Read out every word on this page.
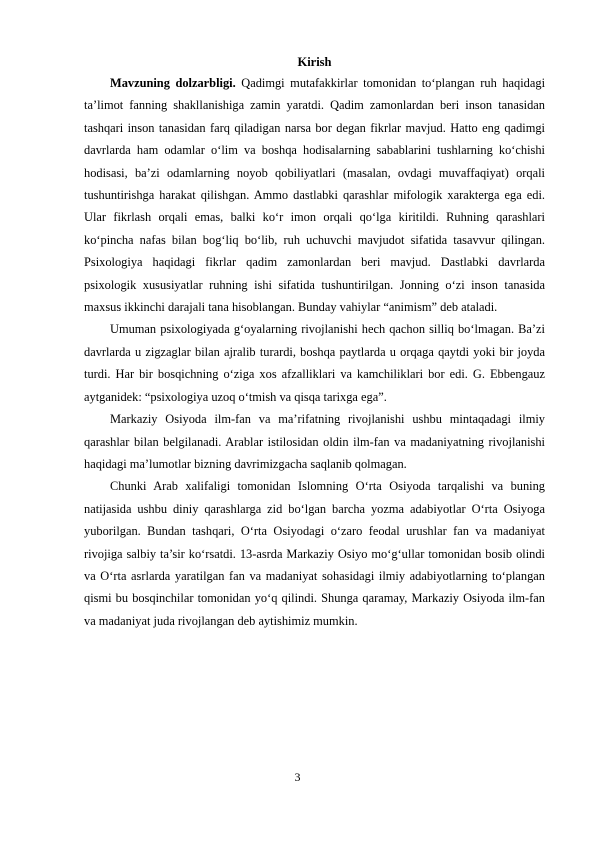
Kirish

Mavzuning dolzarbligi. Qadimgi mutafakkirlar tomonidan to‘plangan ruh haqidagi ta’limot fanning shakllanishiga zamin yaratdi. Qadim zamonlardan beri inson tanasidan tashqari inson tanasidan farq qiladigan narsa bor degan fikrlar mavjud. Hatto eng qadimgi davrlarda ham odamlar o‘lim va boshqa hodisalarning sabablarini tushlarning ko‘chishi hodisasi, ba’zi odamlarning noyob qobiliyatlari (masalan, ovdagi muvaffaqiyat) orqali tushuntirishga harakat qilishgan. Ammo dastlabki qarashlar mifologik xarakterga ega edi. Ular fikrlash orqali emas, balki ko‘r imon orqali qo‘lga kiritildi. Ruhning qarashlari ko‘pincha nafas bilan bog‘liq bo‘lib, ruh uchuvchi mavjudot sifatida tasavvur qilingan. Psixologiya haqidagi fikrlar qadim zamonlardan beri mavjud. Dastlabki davrlarda psixologik xususiyatlar ruhning ishi sifatida tushuntirilgan. Jonning o‘zi inson tanasida maxsus ikkinchi darajali tana hisoblangan. Bunday vahiylar “animism” deb ataladi.

Umuman psixologiyada g‘oyalarning rivojlanishi hech qachon silliq bo‘lmagan. Ba’zi davrlarda u zigzaglar bilan ajralib turardi, boshqa paytlarda u orqaga qaytdi yoki bir joyda turdi. Har bir bosqichning o‘ziga xos afzalliklari va kamchiliklari bor edi. G. Ebbengauz aytganidek: “psixologiya uzoq o‘tmish va qisqa tarixga ega”.

Markaziy Osiyoda ilm-fan va ma’rifatning rivojlanishi ushbu mintaqadagi ilmiy qarashlar bilan belgilanadi. Arablar istilosidan oldin ilm-fan va madaniyatning rivojlanishi haqidagi ma’lumotlar bizning davrimizgacha saqlanib qolmagan.

Chunki Arab xalifaligi tomonidan Islomning O‘rta Osiyoda tarqalishi va buning natijasida ushbu diniy qarashlarga zid bo‘lgan barcha yozma adabiyotlar O‘rta Osiyoga yuborilgan. Bundan tashqari, O‘rta Osiyodagi o‘zaro feodal urushlar fan va madaniyat rivojiga salbiy ta’sir ko‘rsatdi. 13-asrda Markaziy Osiyo mo‘g‘ullar tomonidan bosib olindi va O‘rta asrlarda yaratilgan fan va madaniyat sohasidagi ilmiy adabiyotlarning to‘plangan qismi bu bosqinchilar tomonidan yo‘q qilindi. Shunga qaramay, Markaziy Osiyoda ilm-fan va madaniyat juda rivojlangan deb aytishimiz mumkin.

3
